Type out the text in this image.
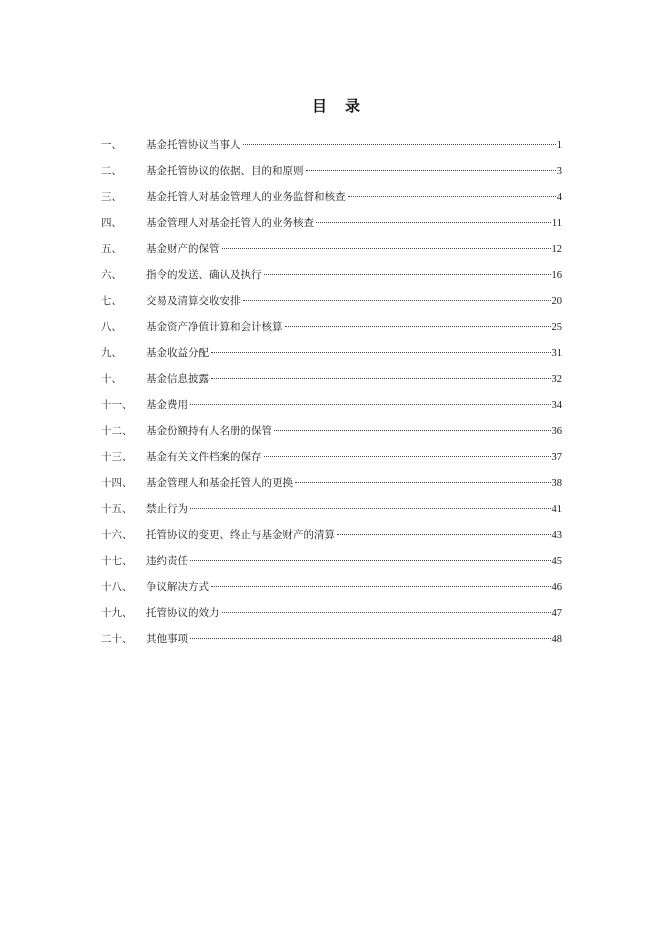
目录
一、	基金托管协议当事人	1
二、	基金托管协议的依据、目的和原则	3
三、	基金托管人对基金管理人的业务监督和核查	4
四、	基金管理人对基金托管人的业务核查	11
五、	基金财产的保管	12
六、	指令的发送、确认及执行	16
七、	交易及清算交收安排	20
八、	基金资产净值计算和会计核算	25
九、	基金收益分配	31
十、	基金信息披露	32
十一、	基金费用	34
十二、	基金份额持有人名册的保管	36
十三、	基金有关文件档案的保存	37
十四、	基金管理人和基金托管人的更换	38
十五、	禁止行为	41
十六、	托管协议的变更、终止与基金财产的清算	43
十七、	违约责任	45
十八、	争议解决方式	46
十九、	托管协议的效力	47
二十、	其他事项	48
